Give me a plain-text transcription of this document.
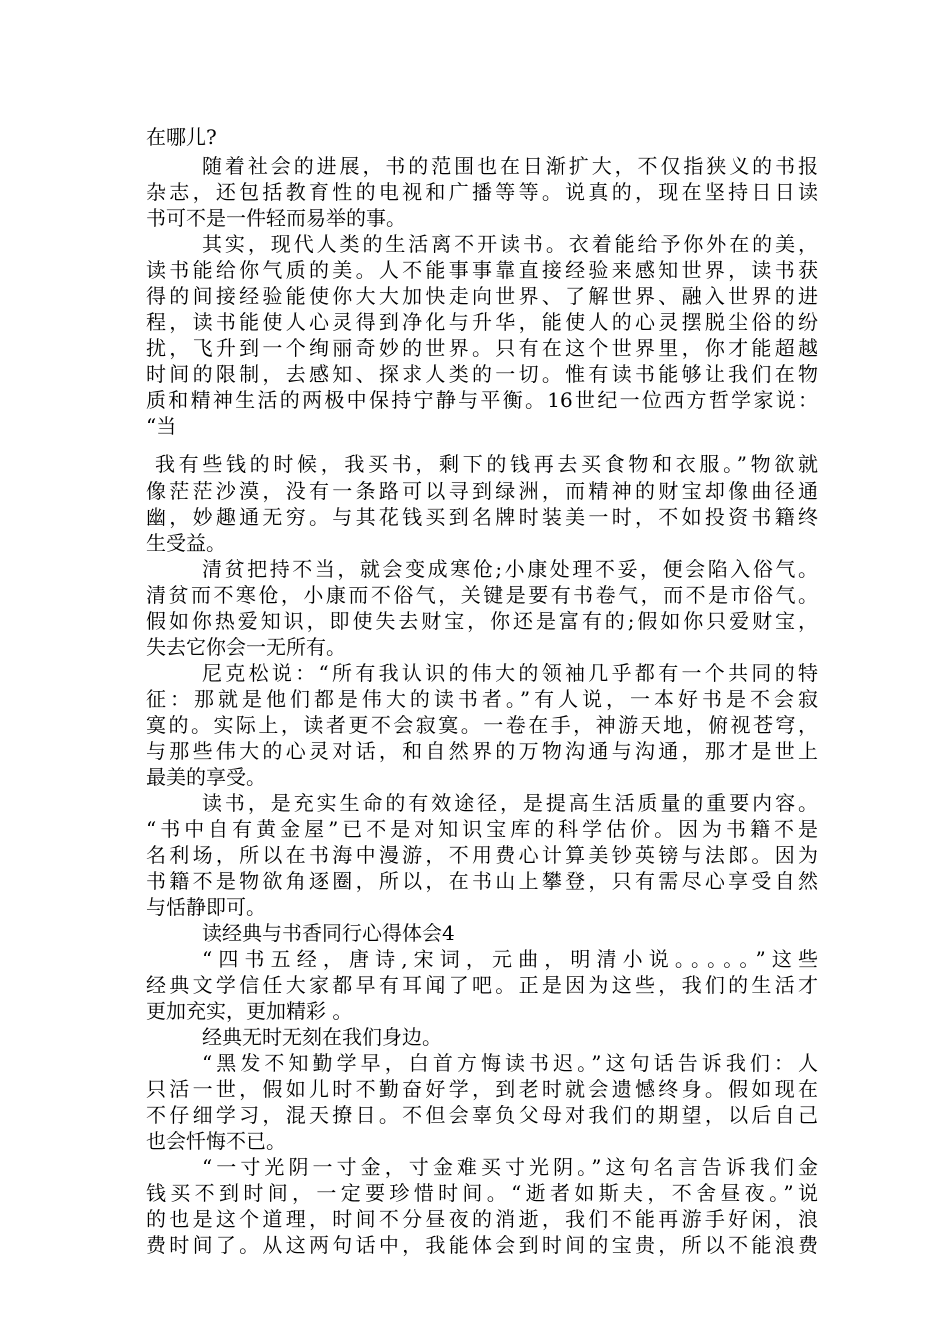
在哪儿?
随着社会的进展，书的范围也在日渐扩大，不仅指狭义的书报
杂志，还包括教育性的电视和广播等等。说真的，现在坚持日日读
书可不是一件轻而易举的事。
其实，现代人类的生活离不开读书。衣着能给予你外在的美，
读书能给你气质的美。人不能事事靠直接经验来感知世界，读书获
得的间接经验能使你大大加快走向世界、了解世界、融入世界的进
程，读书能使人心灵得到净化与升华，能使人的心灵摆脱尘俗的纷
扰，飞升到一个绚丽奇妙的世界。只有在这个世界里，你才能超越
时间的限制，去感知、探求人类的一切。惟有读书能够让我们在物
质和精神生活的两极中保持宁静与平衡。16世纪一位西方哲学家说：
“当
我有些钱的时候，我买书，剩下的钱再去买食物和衣服。”物欲就
像茫茫沙漠，没有一条路可以寻到绿洲，而精神的财宝却像曲径通
幽，妙趣通无穷。与其花钱买到名牌时装美一时，不如投资书籍终
生受益。
清贫把持不当，就会变成寒伧;小康处理不妥，便会陷入俗气。
清贫而不寒伧，小康而不俗气，关键是要有书卷气，而不是市俗气。
假如你热爱知识，即使失去财宝，你还是富有的;假如你只爱财宝，
失去它你会一无所有。
尼克松说：“所有我认识的伟大的领袖几乎都有一个共同的特
征：那就是他们都是伟大的读书者。”有人说，一本好书是不会寂
寞的。实际上，读者更不会寂寞。一卷在手，神游天地，俯视苍穹，
与那些伟大的心灵对话，和自然界的万物沟通与沟通，那才是世上
最美的享受。
读书，是充实生命的有效途径，是提高生活质量的重要内容。
“书中自有黄金屋”已不是对知识宝库的科学估价。因为书籍不是
名利场，所以在书海中漫游，不用费心计算美钞英镑与法郎。因为
书籍不是物欲角逐圈，所以，在书山上攀登，只有需尽心享受自然
与恬静即可。
读经典与书香同行心得体会4
“四书五经，唐诗,宋词，元曲，明清小说。。。。。”这些
经典文学信任大家都早有耳闻了吧。正是因为这些，我们的生活才
更加充实，更加精彩 。
经典无时无刻在我们身边。
“黑发不知勤学早，白首方悔读书迟。”这句话告诉我们：人
只活一世，假如儿时不勤奋好学，到老时就会遗憾终身。假如现在
不仔细学习，混天撩日。不但会辜负父母对我们的期望，以后自己
也会忏悔不已。
“一寸光阴一寸金，寸金难买寸光阴。”这句名言告诉我们金
钱买不到时间，一定要珍惜时间。“逝者如斯夫，不舍昼夜。”说
的也是这个道理，时间不分昼夜的消逝，我们不能再游手好闲，浪
费时间了。从这两句话中，我能体会到时间的宝贵，所以不能浪费
